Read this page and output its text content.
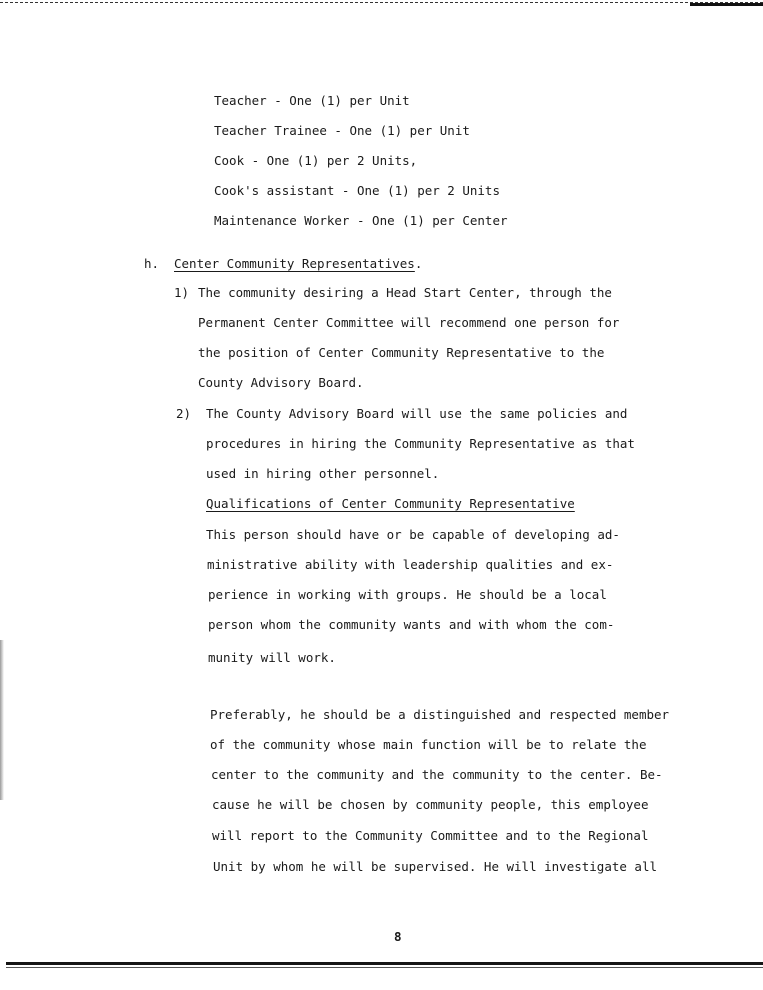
Teacher - One (1) per Unit
Teacher Trainee - One (1) per Unit
Cook - One (1) per 2 Units,
Cook's assistant - One (1) per 2 Units
Maintenance Worker - One (1) per Center
h. Center Community Representatives.
1) The community desiring a Head Start Center, through the
Permanent Center Committee will recommend one person for
the position of Center Community Representative to the
County Advisory Board.
2) The County Advisory Board will use the same policies and
procedures in hiring the Community Representative as that
used in hiring other personnel.
Qualifications of Center Community Representative
This person should have or be capable of developing ad-
ministrative ability with leadership qualities and ex-
perience in working with groups. He should be a local
person whom the community wants and with whom the com-
munity will work.
Preferably, he should be a distinguished and respected member
of the community whose main function will be to relate the
center to the community and the community to the center. Be-
cause he will be chosen by community people, this employee
will report to the Community Committee and to the Regional
Unit by whom he will be supervised. He will investigate all
8
